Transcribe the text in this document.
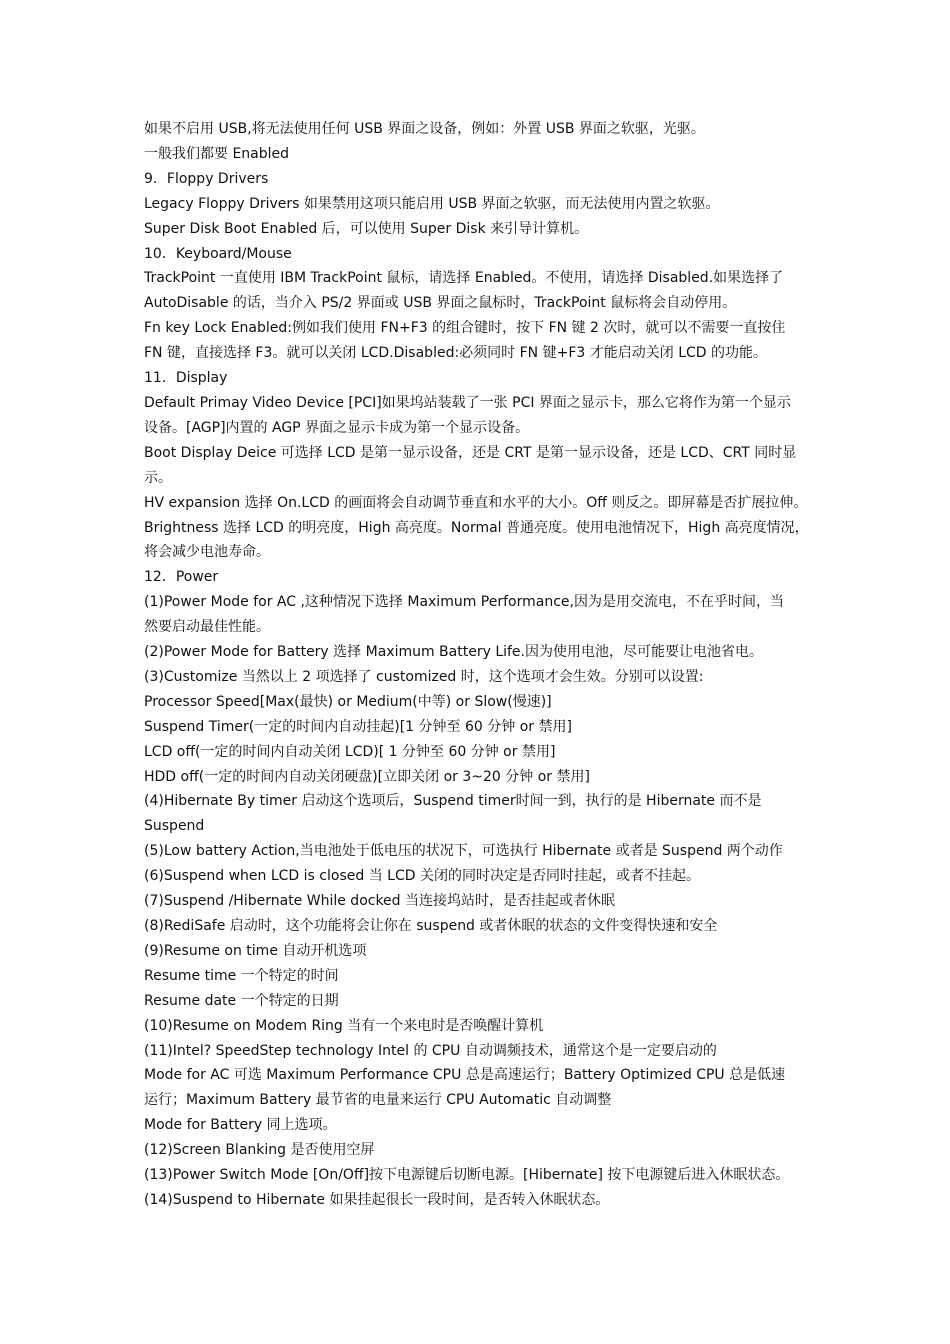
如果不启用 USB,将无法使用任何 USB 界面之设备，例如：外置 USB 界面之软驱，光驱。

一般我们都要 Enabled

9．Floppy Drivers

Legacy Floppy Drivers 如果禁用这项只能启用 USB 界面之软驱，而无法使用内置之软驱。

Super Disk Boot Enabled 后，可以使用 Super Disk 来引导计算机。

10．Keyboard/Mouse

TrackPoint 一直使用 IBM TrackPoint 鼠标，请选择 Enabled。不使用，请选择 Disabled.如果选择了

AutoDisable 的话，当介入 PS/2 界面或 USB 界面之鼠标时，TrackPoint 鼠标将会自动停用。

Fn key Lock Enabled:例如我们使用 FN+F3 的组合键时，按下 FN 键 2 次时，就可以不需要一直按住

FN 键，直接选择 F3。就可以关闭 LCD.Disabled:必须同时 FN 键+F3 才能启动关闭 LCD 的功能。

11．Display

Default Primay Video Device [PCI]如果坞站装载了一张 PCI 界面之显示卡，那么它将作为第一个显示

设备。[AGP]内置的 AGP 界面之显示卡成为第一个显示设备。

Boot Display Deice 可选择 LCD 是第一显示设备，还是 CRT 是第一显示设备，还是 LCD、CRT 同时显

示。

HV expansion 选择 On.LCD 的画面将会自动调节垂直和水平的大小。Off 则反之。即屏幕是否扩展拉伸。

Brightness 选择 LCD 的明亮度，High 高亮度。Normal 普通亮度。使用电池情况下，High 高亮度情况，

将会减少电池寿命。

12．Power

(1)Power Mode for AC ,这种情况下选择 Maximum Performance,因为是用交流电，不在乎时间，当

然要启动最佳性能。

(2)Power Mode for Battery 选择 Maximum Battery Life.因为使用电池，尽可能要让电池省电。

(3)Customize 当然以上 2 项选择了 customized 时，这个选项才会生效。分别可以设置:

Processor Speed[Max(最快) or Medium(中等) or Slow(慢速)]

Suspend Timer(一定的时间内自动挂起)[1 分钟至 60 分钟 or 禁用]

LCD off(一定的时间内自动关闭 LCD)[ 1 分钟至 60 分钟 or 禁用]

HDD off(一定的时间内自动关闭硬盘)[立即关闭 or 3~20 分钟 or 禁用]

(4)Hibernate By timer 启动这个选项后，Suspend timer时间一到，执行的是 Hibernate 而不是

Suspend

(5)Low battery Action,当电池处于低电压的状况下，可选执行 Hibernate 或者是 Suspend 两个动作

(6)Suspend when LCD is closed 当 LCD 关闭的同时决定是否同时挂起，或者不挂起。

(7)Suspend /Hibernate While docked 当连接坞站时，是否挂起或者休眠

(8)RediSafe 启动时，这个功能将会让你在 suspend 或者休眠的状态的文件变得快速和安全

(9)Resume on time 自动开机选项

Resume time 一个特定的时间

Resume date 一个特定的日期

(10)Resume on Modem Ring 当有一个来电时是否唤醒计算机

(11)Intel? SpeedStep technology Intel 的 CPU 自动调频技术，通常这个是一定要启动的

Mode for AC 可选 Maximum Performance CPU 总是高速运行；Battery Optimized CPU 总是低速

运行；Maximum Battery 最节省的电量来运行 CPU Automatic 自动调整

Mode for Battery 同上选项。

(12)Screen Blanking 是否使用空屏

(13)Power Switch Mode [On/Off]按下电源键后切断电源。[Hibernate] 按下电源键后进入休眠状态。

(14)Suspend to Hibernate 如果挂起很长一段时间，是否转入休眠状态。
